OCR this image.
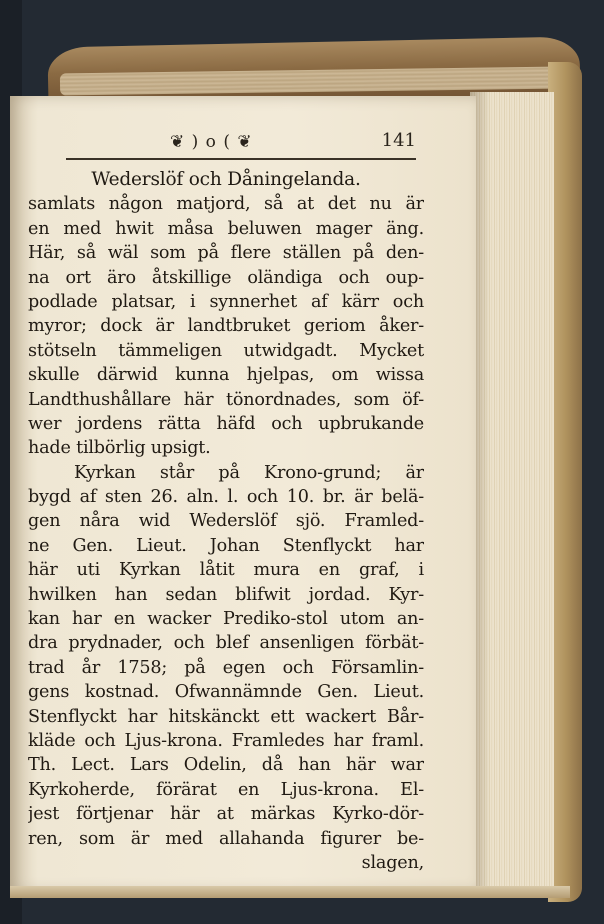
❦ ) o ( ❦	141
Wederslöf och Dåningelanda.
samlats någon matjord, så at det nu är
en med hwit måsa beluwen mager äng.
Här, så wäl som på flere ställen på den-
na ort äro åtskillige oländiga och oup-
podlade platsar, i synnerhet af kärr och
myror; dock är landtbruket geriom åker-
stötseln tämmeligen utwidgadt. Mycket
skulle därwid kunna hjelpas, om wissa
Landthushållare här tönordnades, som öf-
wer jordens rätta häfd och upbrukande
hade tilbörlig upsigt.
Kyrkan står på Krono-grund; är
bygd af sten 26. aln. l. och 10. br. är belä-
gen nåra wid Wederslöf sjö. Framled-
ne Gen. Lieut. Johan Stenflyckt har
här uti Kyrkan låtit mura en graf, i
hwilken han sedan blifwit jordad. Kyr-
kan har en wacker Prediko-stol utom an-
dra prydnader, och blef ansenligen förbät-
trad år 1758; på egen och Församlin-
gens kostnad. Ofwannämnde Gen. Lieut.
Stenflyckt har hitskänckt ett wackert Bår-
kläde och Ljus-krona. Framledes har framl.
Th. Lect. Lars Odelin, då han här war
Kyrkoherde, förärat en Ljus-krona. El-
jest förtjenar här at märkas Kyrko-dör-
ren, som är med allahanda figurer be-
slagen,
